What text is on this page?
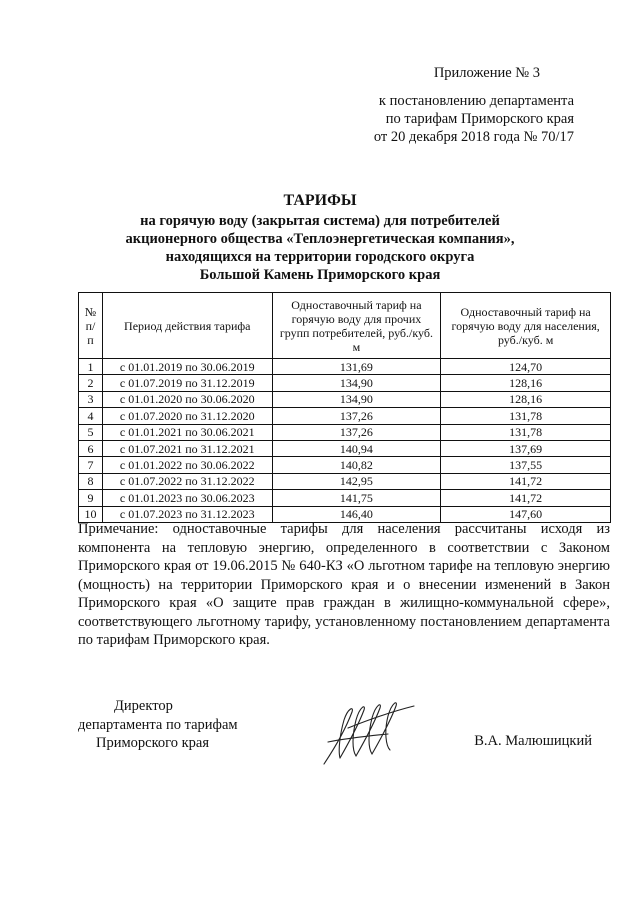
Приложение № 3
к постановлению департамента
по тарифам Приморского края
от 20 декабря 2018 года № 70/17
ТАРИФЫ
на горячую воду (закрытая система) для потребителей
акционерного общества «Теплоэнергетическая компания»,
находящихся на территории городского округа
Большой Камень Приморского края
№ п/п	Период действия тарифа	Одноставочный тариф на горячую воду для прочих групп потребителей, руб./куб. м	Одноставочный тариф на горячую воду для населения, руб./куб. м
1	с 01.01.2019 по 30.06.2019	131,69	124,70
2	с 01.07.2019 по 31.12.2019	134,90	128,16
3	с 01.01.2020 по 30.06.2020	134,90	128,16
4	с 01.07.2020 по 31.12.2020	137,26	131,78
5	с 01.01.2021 по 30.06.2021	137,26	131,78
6	с 01.07.2021 по 31.12.2021	140,94	137,69
7	с 01.01.2022 по 30.06.2022	140,82	137,55
8	с 01.07.2022 по 31.12.2022	142,95	141,72
9	с 01.01.2023 по 30.06.2023	141,75	141,72
10	с 01.07.2023 по 31.12.2023	146,40	147,60
Примечание: одноставочные тарифы для населения рассчитаны исходя из компонента на тепловую энергию, определенного в соответствии с Законом Приморского края от 19.06.2015 № 640-КЗ «О льготном тарифе на тепловую энергию (мощность) на территории Приморского края и о внесении изменений в Закон Приморского края «О защите прав граждан в жилищно-коммунальной сфере», соответствующего льготному тарифу, установленному постановлением департамента по тарифам Приморского края.
Директор
департамента по тарифам
Приморского края	В.А. Малюшицкий
